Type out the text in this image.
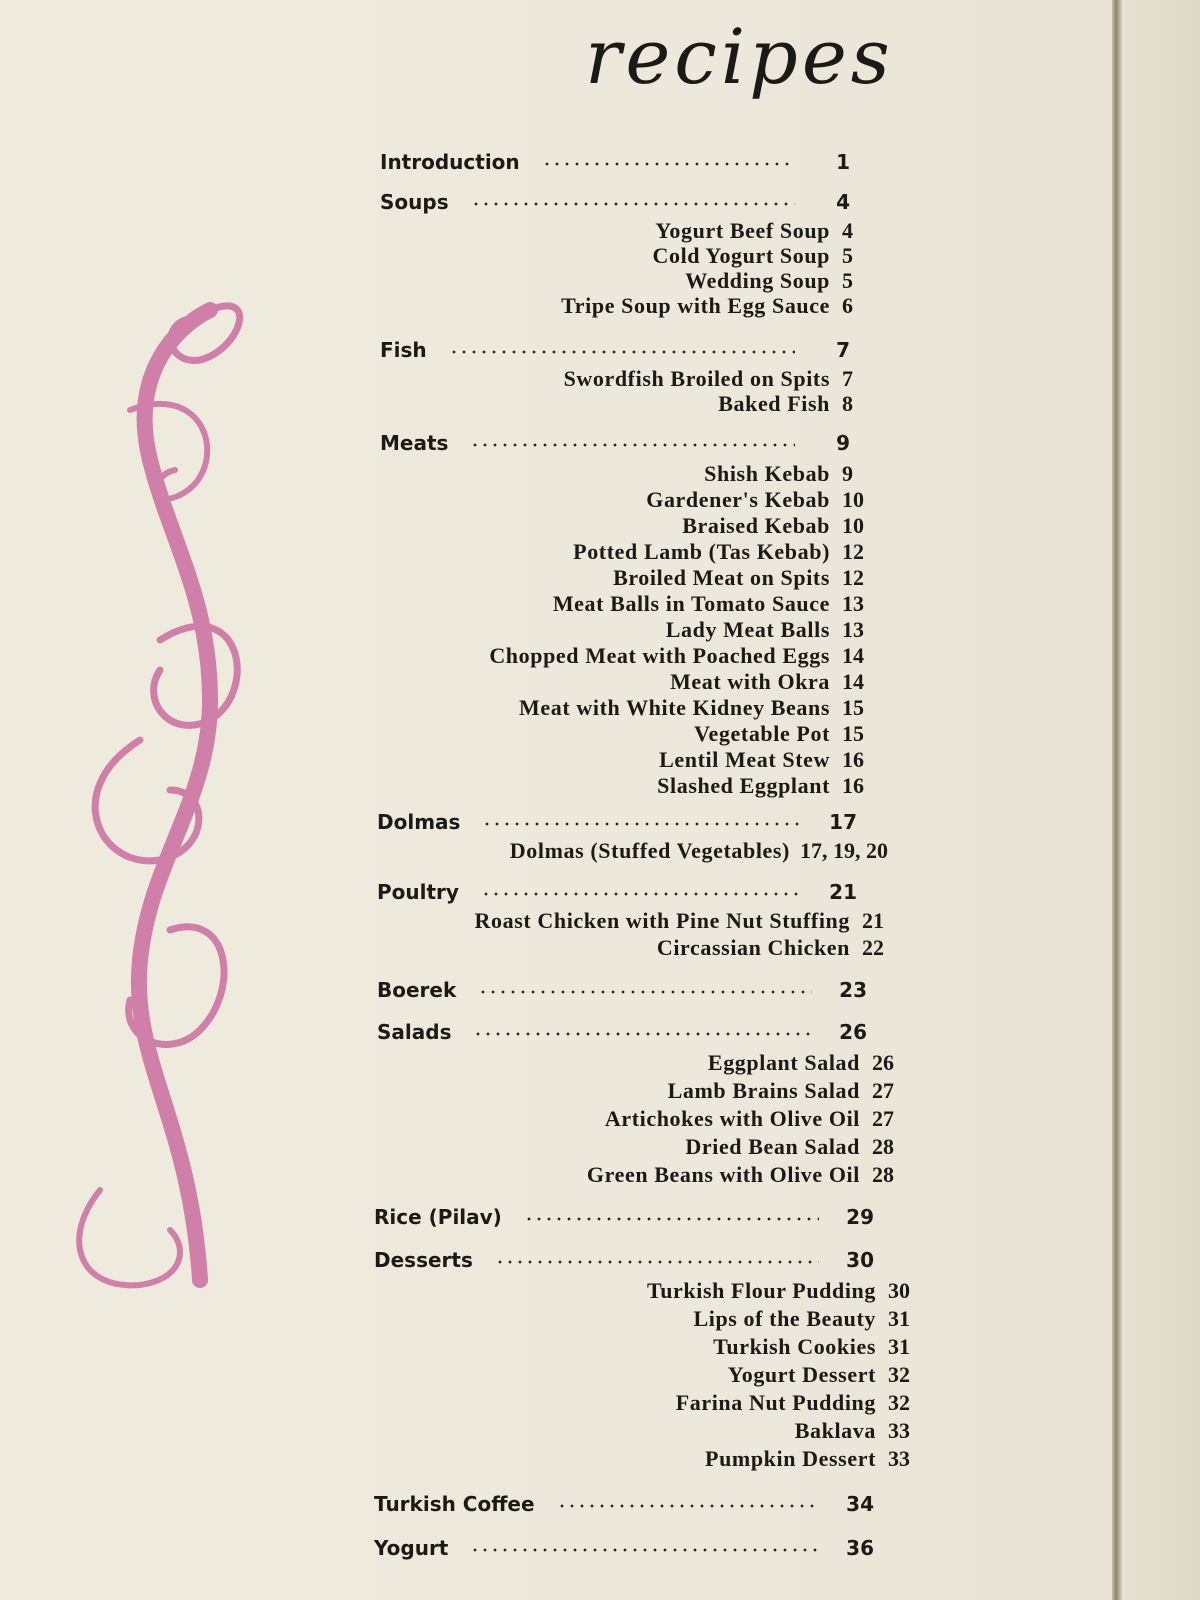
recipes
Introduction	1
Soups	4
Yogurt Beef Soup 4
Cold Yogurt Soup 5
Wedding Soup 5
Tripe Soup with Egg Sauce 6
Fish	7
Swordfish Broiled on Spits 7
Baked Fish 8
Meats	9
Shish Kebab 9
Gardener's Kebab 10
Braised Kebab 10
Potted Lamb (Tas Kebab) 12
Broiled Meat on Spits 12
Meat Balls in Tomato Sauce 13
Lady Meat Balls 13
Chopped Meat with Poached Eggs 14
Meat with Okra 14
Meat with White Kidney Beans 15
Vegetable Pot 15
Lentil Meat Stew 16
Slashed Eggplant 16
Dolmas	17
Dolmas (Stuffed Vegetables) 17, 19, 20
Poultry	21
Roast Chicken with Pine Nut Stuffing 21
Circassian Chicken 22
Boerek	23
Salads	26
Eggplant Salad 26
Lamb Brains Salad 27
Artichokes with Olive Oil 27
Dried Bean Salad 28
Green Beans with Olive Oil 28
Rice (Pilav)	29
Desserts	30
Turkish Flour Pudding 30
Lips of the Beauty 31
Turkish Cookies 31
Yogurt Dessert 32
Farina Nut Pudding 32
Baklava 33
Pumpkin Dessert 33
Turkish Coffee	34
Yogurt	36
